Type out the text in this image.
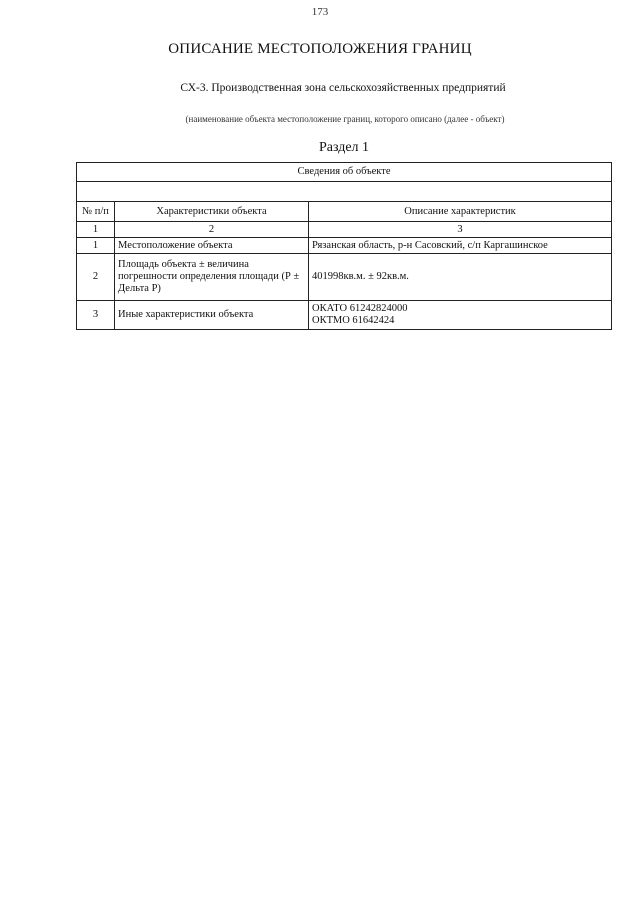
173
ОПИСАНИЕ МЕСТОПОЛОЖЕНИЯ ГРАНИЦ
СХ-3. Производственная зона сельскохозяйственных предприятий
(наименование объекта местоположение границ, которого описано (далее - объект)
Раздел 1
Сведения об объекте		

№ п/п	Характеристики объекта	Описание характеристик
1	2	3
1	Местоположение объекта	Рязанская область, р-н Сасовский, с/п Каргашинское
2	Площадь объекта ± величина погрешности определения площади (Р ± Дельта Р)	401998кв.м. ± 92кв.м.
3	Иные характеристики объекта	ОКАТО 61242824000
ОКТМО 61642424
